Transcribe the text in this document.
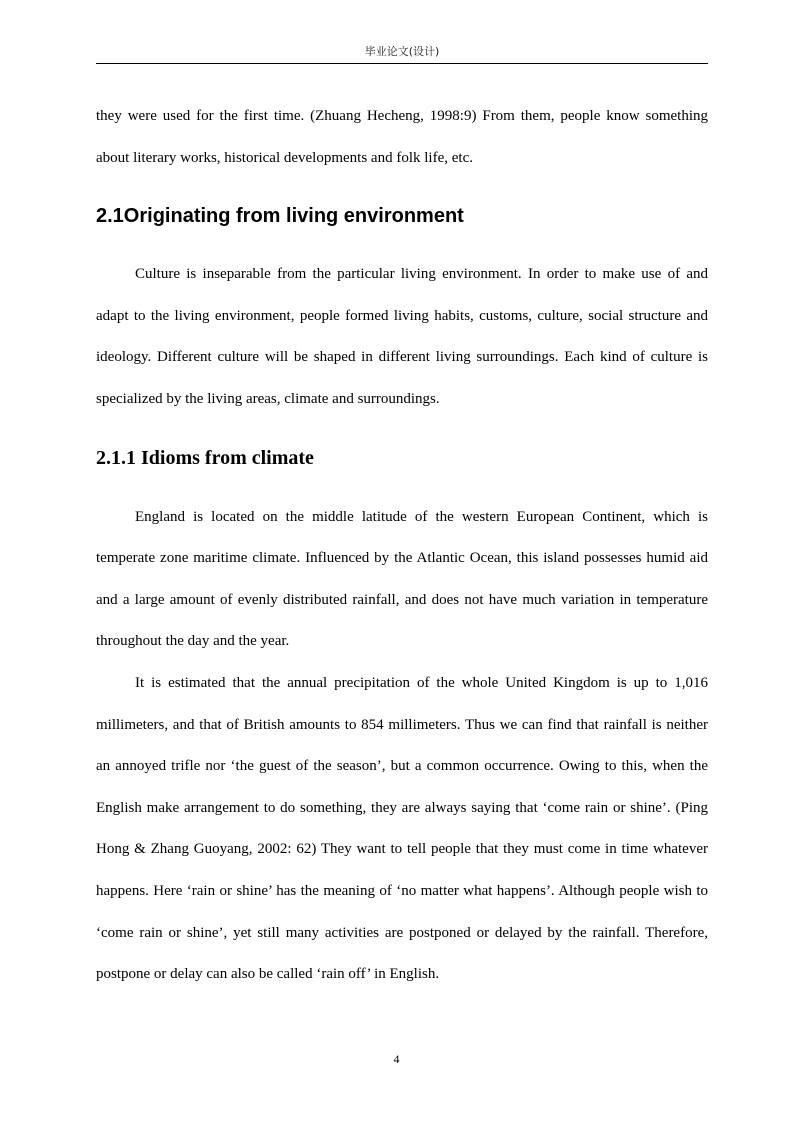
毕业论文(设计)

they were used for the first time. (Zhuang Hecheng, 1998:9) From them, people know something about literary works, historical developments and folk life, etc.

2.1Originating from living environment

Culture is inseparable from the particular living environment. In order to make use of and adapt to the living environment, people formed living habits, customs, culture, social structure and ideology. Different culture will be shaped in different living surroundings. Each kind of culture is specialized by the living areas, climate and surroundings.

2.1.1 Idioms from climate

England is located on the middle latitude of the western European Continent, which is temperate zone maritime climate. Influenced by the Atlantic Ocean, this island possesses humid aid and a large amount of evenly distributed rainfall, and does not have much variation in temperature throughout the day and the year.

It is estimated that the annual precipitation of the whole United Kingdom is up to 1,016 millimeters, and that of British amounts to 854 millimeters. Thus we can find that rainfall is neither an annoyed trifle nor ‘the guest of the season’, but a common occurrence. Owing to this, when the English make arrangement to do something, they are always saying that ‘come rain or shine’. (Ping Hong & Zhang Guoyang, 2002: 62) They want to tell people that they must come in time whatever happens. Here ‘rain or shine’ has the meaning of ‘no matter what happens’. Although people wish to ‘come rain or shine’, yet still many activities are postponed or delayed by the rainfall. Therefore, postpone or delay can also be called ‘rain off’ in English.

4
